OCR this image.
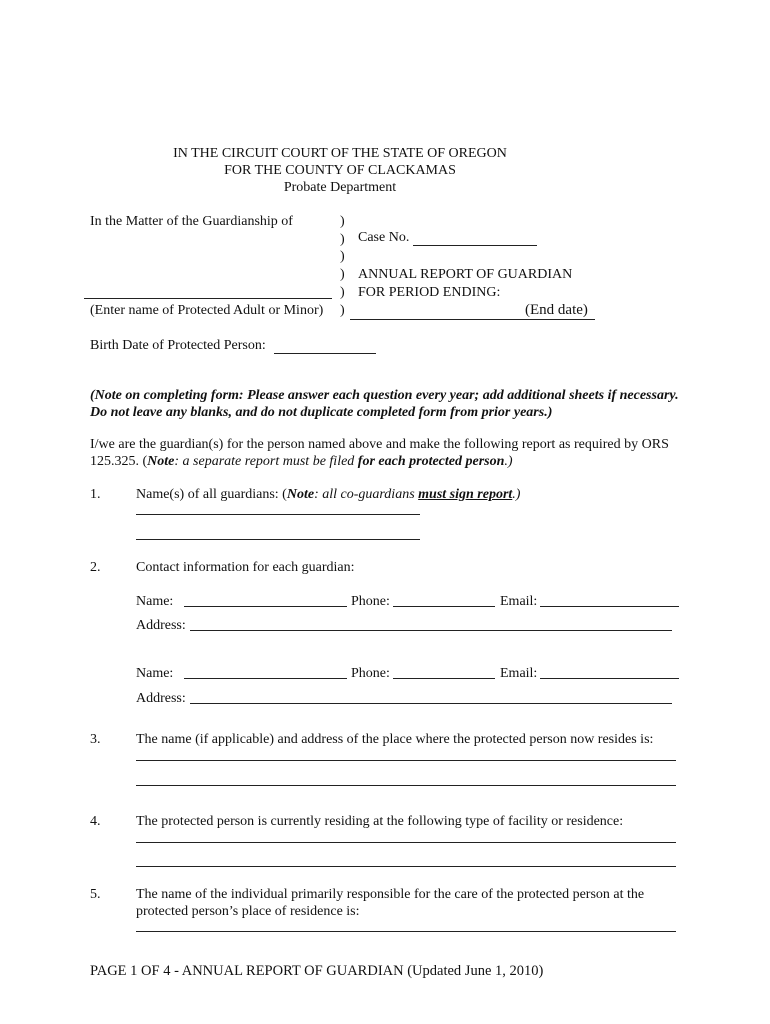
IN THE CIRCUIT COURT OF THE STATE OF OREGON
FOR THE COUNTY OF CLACKAMAS
Probate Department
In the Matter of the Guardianship of
(Enter name of Protected Adult or Minor)
)
)
)
)
)
)
Case No.
ANNUAL REPORT OF GUARDIAN
FOR PERIOD ENDING:
(End date)
Birth Date of Protected Person:
(Note on completing form: Please answer each question every year; add additional sheets if necessary.
Do not leave any blanks, and do not duplicate completed form from prior years.)
I/we are the guardian(s) for the person named above and make the following report as required by ORS
125.325. (Note: a separate report must be filed for each protected person.)
1.	Name(s) of all guardians: (Note: all co-guardians must sign report.)
2.	Contact information for each guardian:
Name:	Phone:	Email:
Address:
Name:	Phone:	Email:
Address:
3.	The name (if applicable) and address of the place where the protected person now resides is:
4.	The protected person is currently residing at the following type of facility or residence:
5.	The name of the individual primarily responsible for the care of the protected person at the
protected person’s place of residence is:
PAGE 1 OF 4 - ANNUAL REPORT OF GUARDIAN (Updated June 1, 2010)
